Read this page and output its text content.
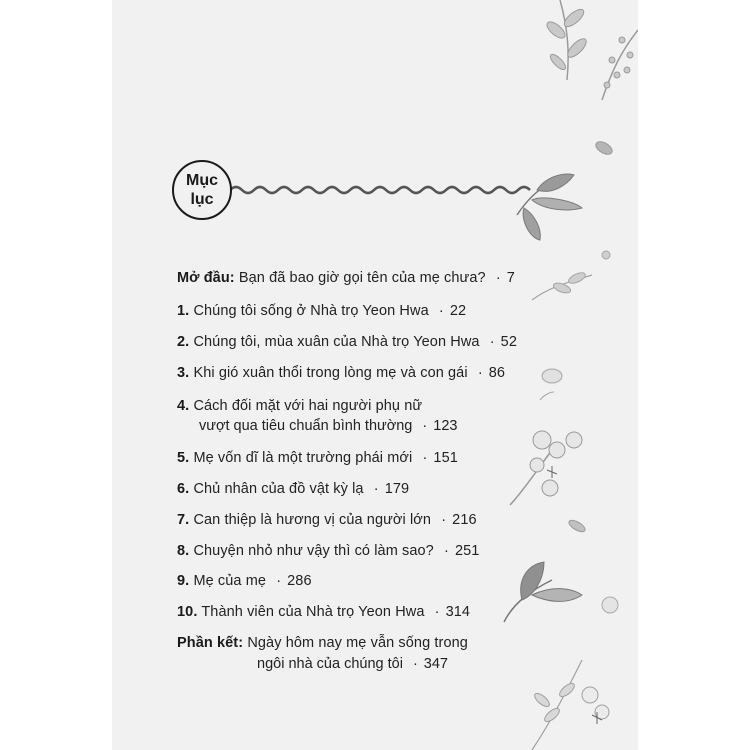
Mục
lục
Mở đầu: Bạn đã bao giờ gọi tên của mẹ chưa? · 7
1. Chúng tôi sống ở Nhà trọ Yeon Hwa · 22
2. Chúng tôi, mùa xuân của Nhà trọ Yeon Hwa · 52
3. Khi gió xuân thổi trong lòng mẹ và con gái · 86
4. Cách đối mặt với hai người phụ nữ
vượt qua tiêu chuẩn bình thường · 123
5. Mẹ vốn dĩ là một trường phái mới · 151
6. Chủ nhân của đồ vật kỳ lạ · 179
7. Can thiệp là hương vị của người lớn · 216
8. Chuyện nhỏ như vậy thì có làm sao? · 251
9. Mẹ của mẹ · 286
10. Thành viên của Nhà trọ Yeon Hwa · 314
Phần kết: Ngày hôm nay mẹ vẫn sống trong
ngôi nhà của chúng tôi · 347
